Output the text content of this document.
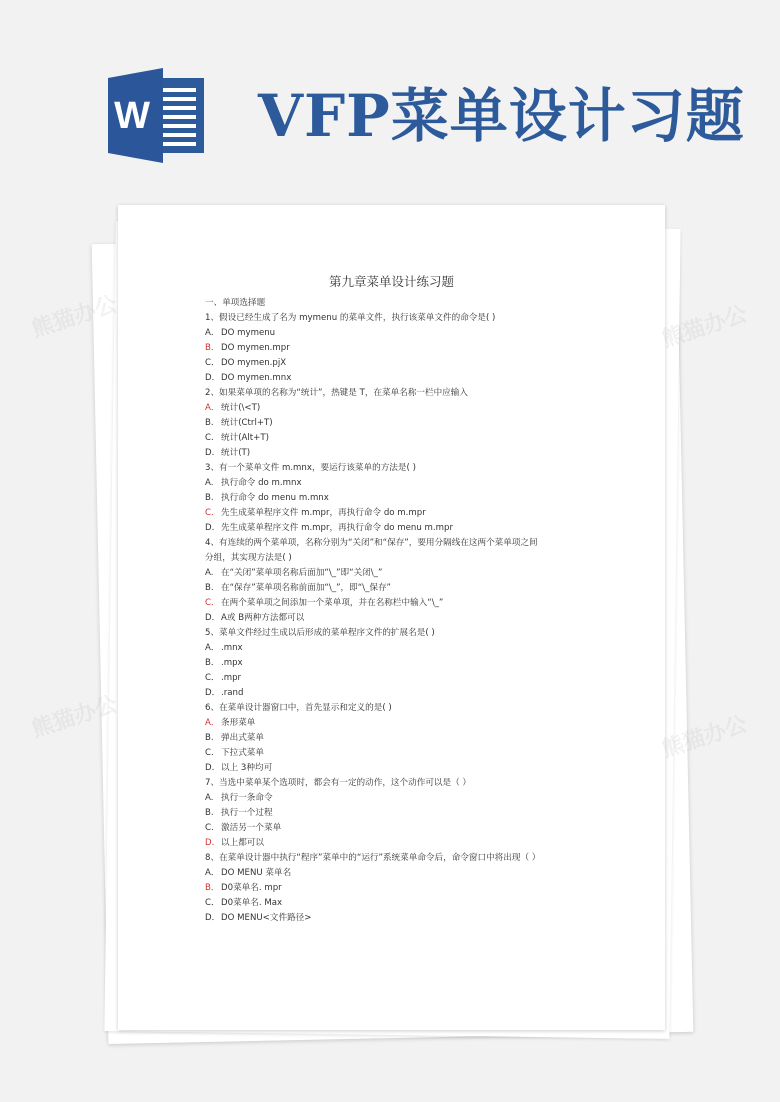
W VFP菜单设计习题
第九章菜单设计练习题
一、单项选择题
1、假设已经生成了名为 mymenu 的菜单文件，执行该菜单文件的命令是( )
A． DO mymenu
B． DO mymen.mpr
C．DO mymen.pjX
D．DO mymen.mnx
2、如果菜单项的名称为“统计”，热键是 T，在菜单名称一栏中应输入
A． 统计(\<T)
B. 统计(Ctrl+T)
C. 统计(Alt+T)
D. 统计(T)
3、有一个菜单文件 m.mnx，要运行该菜单的方法是( )
A. 执行命令 do m.mnx
B. 执行命令 do menu m.mnx
C．先生成菜单程序文件 m.mpr，再执行命令 do m.mpr
D. 先生成菜单程序文件 m.mpr，再执行命令 do menu m.mpr
4、有连续的两个菜单项，名称分别为“关闭”和“保存”，要用分隔线在这两个菜单项之间
分组，其实现方法是( )
A. 在“关闭”菜单项名称后面加“\_”即“关闭\_”
B. 在“保存”菜单项名称前面加“\_”，即“\_保存”
C．在两个菜单项之间添加一个菜单项，并在名称栏中输入“\_”
D．A或 B两种方法都可以
5、菜单文件经过生成以后形成的菜单程序文件的扩展名是( )
A． .mnx
B． .mpx
C．.mpr
D．.rand
6、在菜单设计器窗口中，首先显示和定义的是( )
A． 条形菜单
B. 弹出式菜单
C. 下拉式菜单
D. 以上 3种均可
7、当选中菜单某个选项时，都会有一定的动作，这个动作可以是（ ）
A. 执行一条命令
B. 执行一个过程
C. 激活另一个菜单
D. 以上都可以
8、在菜单设计器中执行“程序”菜单中的“运行”系统菜单命令后，命令窗口中将出现（ ）
A． DO MENU 菜单名
B． D0菜单名. mpr
C．D0菜单名. Max
D．DO MENU<文件路径>
熊猫办公	熊猫办公
熊猫办公	熊猫办公
